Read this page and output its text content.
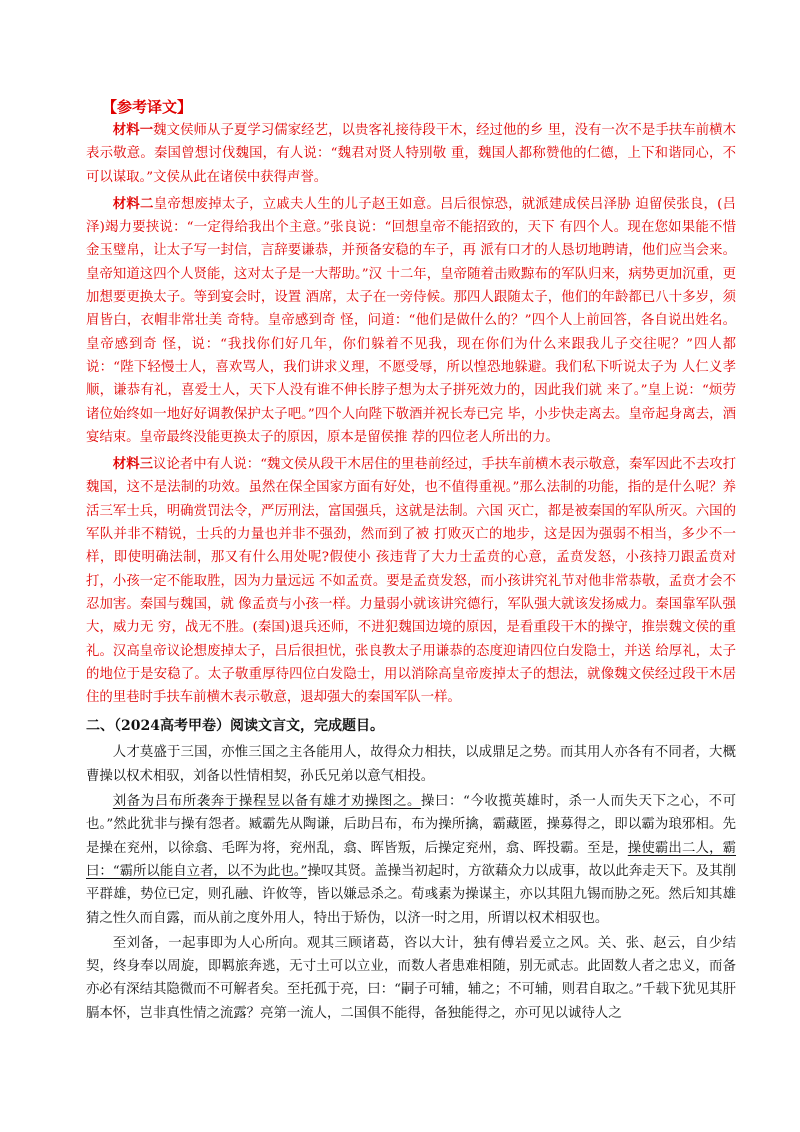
【参考译文】

材料一魏文侯师从子夏学习儒家经艺，以贵客礼接待段干木，经过他的乡 里，没有一次不是手扶车前横木表示敬意。秦国曾想讨伐魏国，有人说：“魏君对贤人特别敬 重，魏国人都称赞他的仁德，上下和谐同心，不可以谋取。”文侯从此在诸侯中获得声誉。

材料二皇帝想废掉太子，立戚夫人生的儿子赵王如意。吕后很惊恐，就派建成侯吕泽胁 迫留侯张良，(吕泽)竭力要挟说：“一定得给我出个主意。”张良说：“回想皇帝不能招致的，天下 有四个人。现在您如果能不惜金玉璧帛，让太子写一封信，言辞要谦恭，并预备安稳的车子，再 派有口才的人恳切地聘请，他们应当会来。皇帝知道这四个人贤能，这对太子是一大帮助。”汉 十二年，皇帝随着击败黥布的军队归来，病势更加沉重，更加想要更换太子。等到宴会时，设置 酒席，太子在一旁侍候。那四人跟随太子，他们的年龄都已八十多岁，须眉皆白，衣帽非常壮美 奇特。皇帝感到奇 怪，问道：“他们是做什么的？”四个人上前回答，各自说出姓名。皇帝感到奇 怪，说：“我找你们好几年，你们躲着不见我，现在你们为什么来跟我儿子交往呢？”四人都说：“陛下轻慢士人，喜欢骂人，我们讲求义理，不愿受辱，所以惶恐地躲避。我们私下听说太子为 人仁义孝顺，谦恭有礼，喜爱士人，天下人没有谁不伸长脖子想为太子拼死效力的，因此我们就 来了。”皇上说：“烦劳诸位始终如一地好好调教保护太子吧。”四个人向陛下敬酒并祝长寿已完 毕，小步快走离去。皇帝起身离去，酒宴结束。皇帝最终没能更换太子的原因，原本是留侯推 荐的四位老人所出的力。

材料三议论者中有人说：“魏文侯从段干木居住的里巷前经过，手扶车前横木表示敬意，秦军因此不去攻打魏国，这不是法制的功效。虽然在保全国家方面有好处，也不值得重视。”那么法制的功能，指的是什么呢？养活三军士兵，明确赏罚法令，严厉刑法，富国强兵，这就是法制。六国 灭亡，都是被秦国的军队所灭。六国的军队并非不精锐，士兵的力量也并非不强劲，然而到了被 打败灭亡的地步，这是因为强弱不相当，多少不一样，即使明确法制，那又有什么用处呢?假使小 孩违背了大力士孟贲的心意，孟贲发怒，小孩持刀跟孟贲对打，小孩一定不能取胜，因为力量远远 不如孟贲。要是孟贲发怒，而小孩讲究礼节对他非常恭敬，孟贲才会不忍加害。秦国与魏国，就 像孟贲与小孩一样。力量弱小就该讲究德行，军队强大就该发扬威力。秦国靠军队强大，威力无 穷，战无不胜。(秦国)退兵还师，不进犯魏国边境的原因，是看重段干木的操守，推崇魏文侯的重 礼。汉高皇帝议论想废掉太子，吕后很担忧，张良教太子用谦恭的态度迎请四位白发隐士，并送 给厚礼，太子的地位于是安稳了。太子敬重厚待四位白发隐士，用以消除高皇帝废掉太子的想法，就像魏文侯经过段干木居住的里巷时手扶车前横木表示敬意，退却强大的秦国军队一样。

二、（2024高考甲卷）阅读文言文，完成题目。

人才莫盛于三国，亦惟三国之主各能用人，故得众力相扶，以成鼎足之势。而其用人亦各有不同者，大概曹操以权术相驭，刘备以性情相契，孙氏兄弟以意气相投。

刘备为吕布所袭奔于操程昱以备有雄才劝操图之。操曰：“今收揽英雄时，杀一人而失天下之心，不可也。”然此犹非与操有怨者。臧霸先从陶谦，后助吕布，布为操所擒，霸藏匿，操募得之，即以霸为琅邪相。先是操在兖州，以徐翕、毛晖为将，兖州乱，翕、晖皆叛，后操定兖州，翕、晖投霸。至是，操使霸出二人，霸曰：“霸所以能自立者，以不为此也。”操叹其贤。盖操当初起时，方欲藉众力以成事，故以此奔走天下。及其削平群雄，势位已定，则孔融、许攸等，皆以嫌忌杀之。荀彧素为操谋主，亦以其阻九锡而胁之死。然后知其雄猜之性久而自露，而从前之度外用人，特出于矫伪，以济一时之用，所谓以权术相驭也。

至刘备，一起事即为人心所向。观其三顾诸葛，咨以大计，独有傅岩爰立之风。关、张、赵云，自少结契，终身奉以周旋，即羁旅奔逃，无寸土可以立业，而数人者患难相随，别无贰志。此固数人者之忠义，而备亦必有深结其隐微而不可解者矣。至托孤于亮，曰：“嗣子可辅，辅之；不可辅，则君自取之。”千载下犹见其肝膈本怀，岂非真性情之流露？亮第一流人，二国俱不能得，备独能得之，亦可见以诚待人之
